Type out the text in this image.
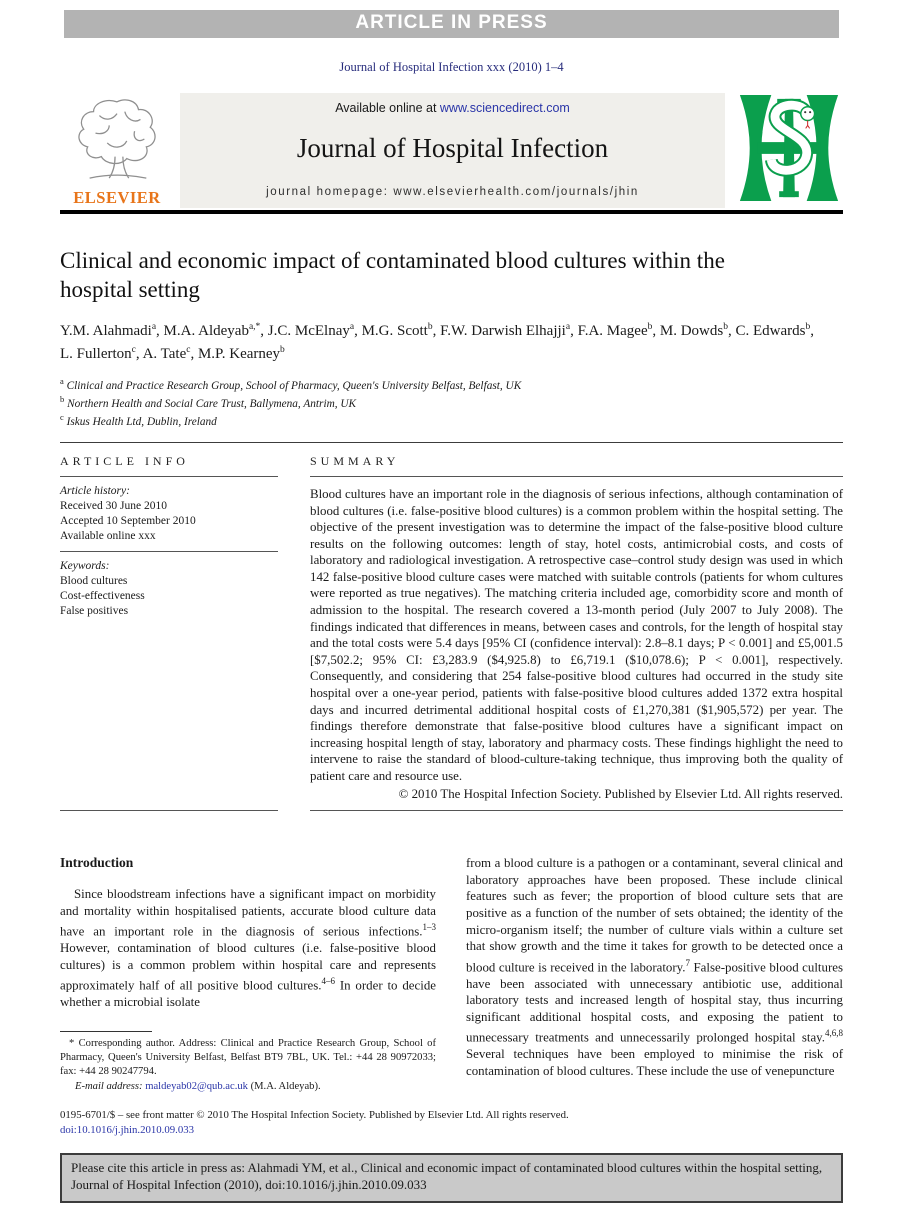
ARTICLE IN PRESS
Journal of Hospital Infection xxx (2010) 1–4
ELSEVIER
Available online at www.sciencedirect.com
Journal of Hospital Infection
journal homepage: www.elsevierhealth.com/journals/jhin
Clinical and economic impact of contaminated blood cultures within the hospital setting
Y.M. Alahmadi$^a$, M.A. Aldeyab$^{a,*}$, J.C. McElnay$^a$, M.G. Scott$^b$, F.W. Darwish Elhajji$^a$, F.A. Magee$^b$, M. Dowds$^b$, C. Edwards$^b$, L. Fullerton$^c$, A. Tate$^c$, M.P. Kearney$^b$
$^a$ Clinical and Practice Research Group, School of Pharmacy, Queen's University Belfast, Belfast, UK
$^b$ Northern Health and Social Care Trust, Ballymena, Antrim, UK
$^c$ Iskus Health Ltd, Dublin, Ireland
ARTICLE INFO
Article history:
Received 30 June 2010
Accepted 10 September 2010
Available online xxx
Keywords:
Blood cultures
Cost-effectiveness
False positives
SUMMARY

Blood cultures have an important role in the diagnosis of serious infections, although contamination of blood cultures (i.e. false-positive blood cultures) is a common problem within the hospital setting. The objective of the present investigation was to determine the impact of the false-positive blood culture results on the following outcomes: length of stay, hotel costs, antimicrobial costs, and costs of laboratory and radiological investigation. A retrospective case–control study design was used in which 142 false-positive blood culture cases were matched with suitable controls (patients for whom cultures were reported as true negatives). The matching criteria included age, comorbidity score and month of admission to the hospital. The research covered a 13-month period (July 2007 to July 2008). The findings indicated that differences in means, between cases and controls, for the length of hospital stay and the total costs were 5.4 days [95% CI (confidence interval): 2.8–8.1 days; P < 0.001] and £5,001.5 [$7,502.2; 95% CI: £3,283.9 ($4,925.8) to £6,719.1 ($10,078.6); P < 0.001], respectively. Consequently, and considering that 254 false-positive blood cultures had occurred in the study site hospital over a one-year period, patients with false-positive blood cultures added 1372 extra hospital days and incurred detrimental additional hospital costs of £1,270,381 ($1,905,572) per year. The findings therefore demonstrate that false-positive blood cultures have a significant impact on increasing hospital length of stay, laboratory and pharmacy costs. These findings highlight the need to intervene to raise the standard of blood-culture-taking technique, thus improving both the quality of patient care and resource use.

© 2010 The Hospital Infection Society. Published by Elsevier Ltd. All rights reserved.
Introduction

Since bloodstream infections have a significant impact on morbidity and mortality within hospitalised patients, accurate blood culture data have an important role in the diagnosis of serious infections.$^{1-3}$ However, contamination of blood cultures (i.e. false-positive blood cultures) is a common problem within hospital care and represents approximately half of all positive blood cultures.$^{4-6}$ In order to decide whether a microbial isolate

* Corresponding author. Address: Clinical and Practice Research Group, School of Pharmacy, Queen's University Belfast, Belfast BT9 7BL, UK. Tel.: +44 28 90972033; fax: +44 28 90247794.

E-mail address: maldeyab02@qub.ac.uk (M.A. Aldeyab).

from a blood culture is a pathogen or a contaminant, several clinical and laboratory approaches have been proposed. These include clinical features such as fever; the proportion of blood culture sets that are positive as a function of the number of sets obtained; the identity of the micro-organism itself; the number of culture vials within a culture set that show growth and the time it takes for growth to be detected once a blood culture is received in the laboratory.$^7$ False-positive blood cultures have been associated with unnecessary antibiotic use, additional laboratory tests and increased length of hospital stay, thus incurring significant additional hospital costs, and exposing the patient to unnecessary treatments and unnecessarily prolonged hospital stay.$^{4,6,8}$ Several techniques have been employed to minimise the risk of contamination of blood cultures. These include the use of venepuncture

0195-6701/$ – see front matter © 2010 The Hospital Infection Society. Published by Elsevier Ltd. All rights reserved.
doi:10.1016/j.jhin.2010.09.033
Please cite this article in press as: Alahmadi YM, et al., Clinical and economic impact of contaminated blood cultures within the hospital setting, Journal of Hospital Infection (2010), doi:10.1016/j.jhin.2010.09.033
